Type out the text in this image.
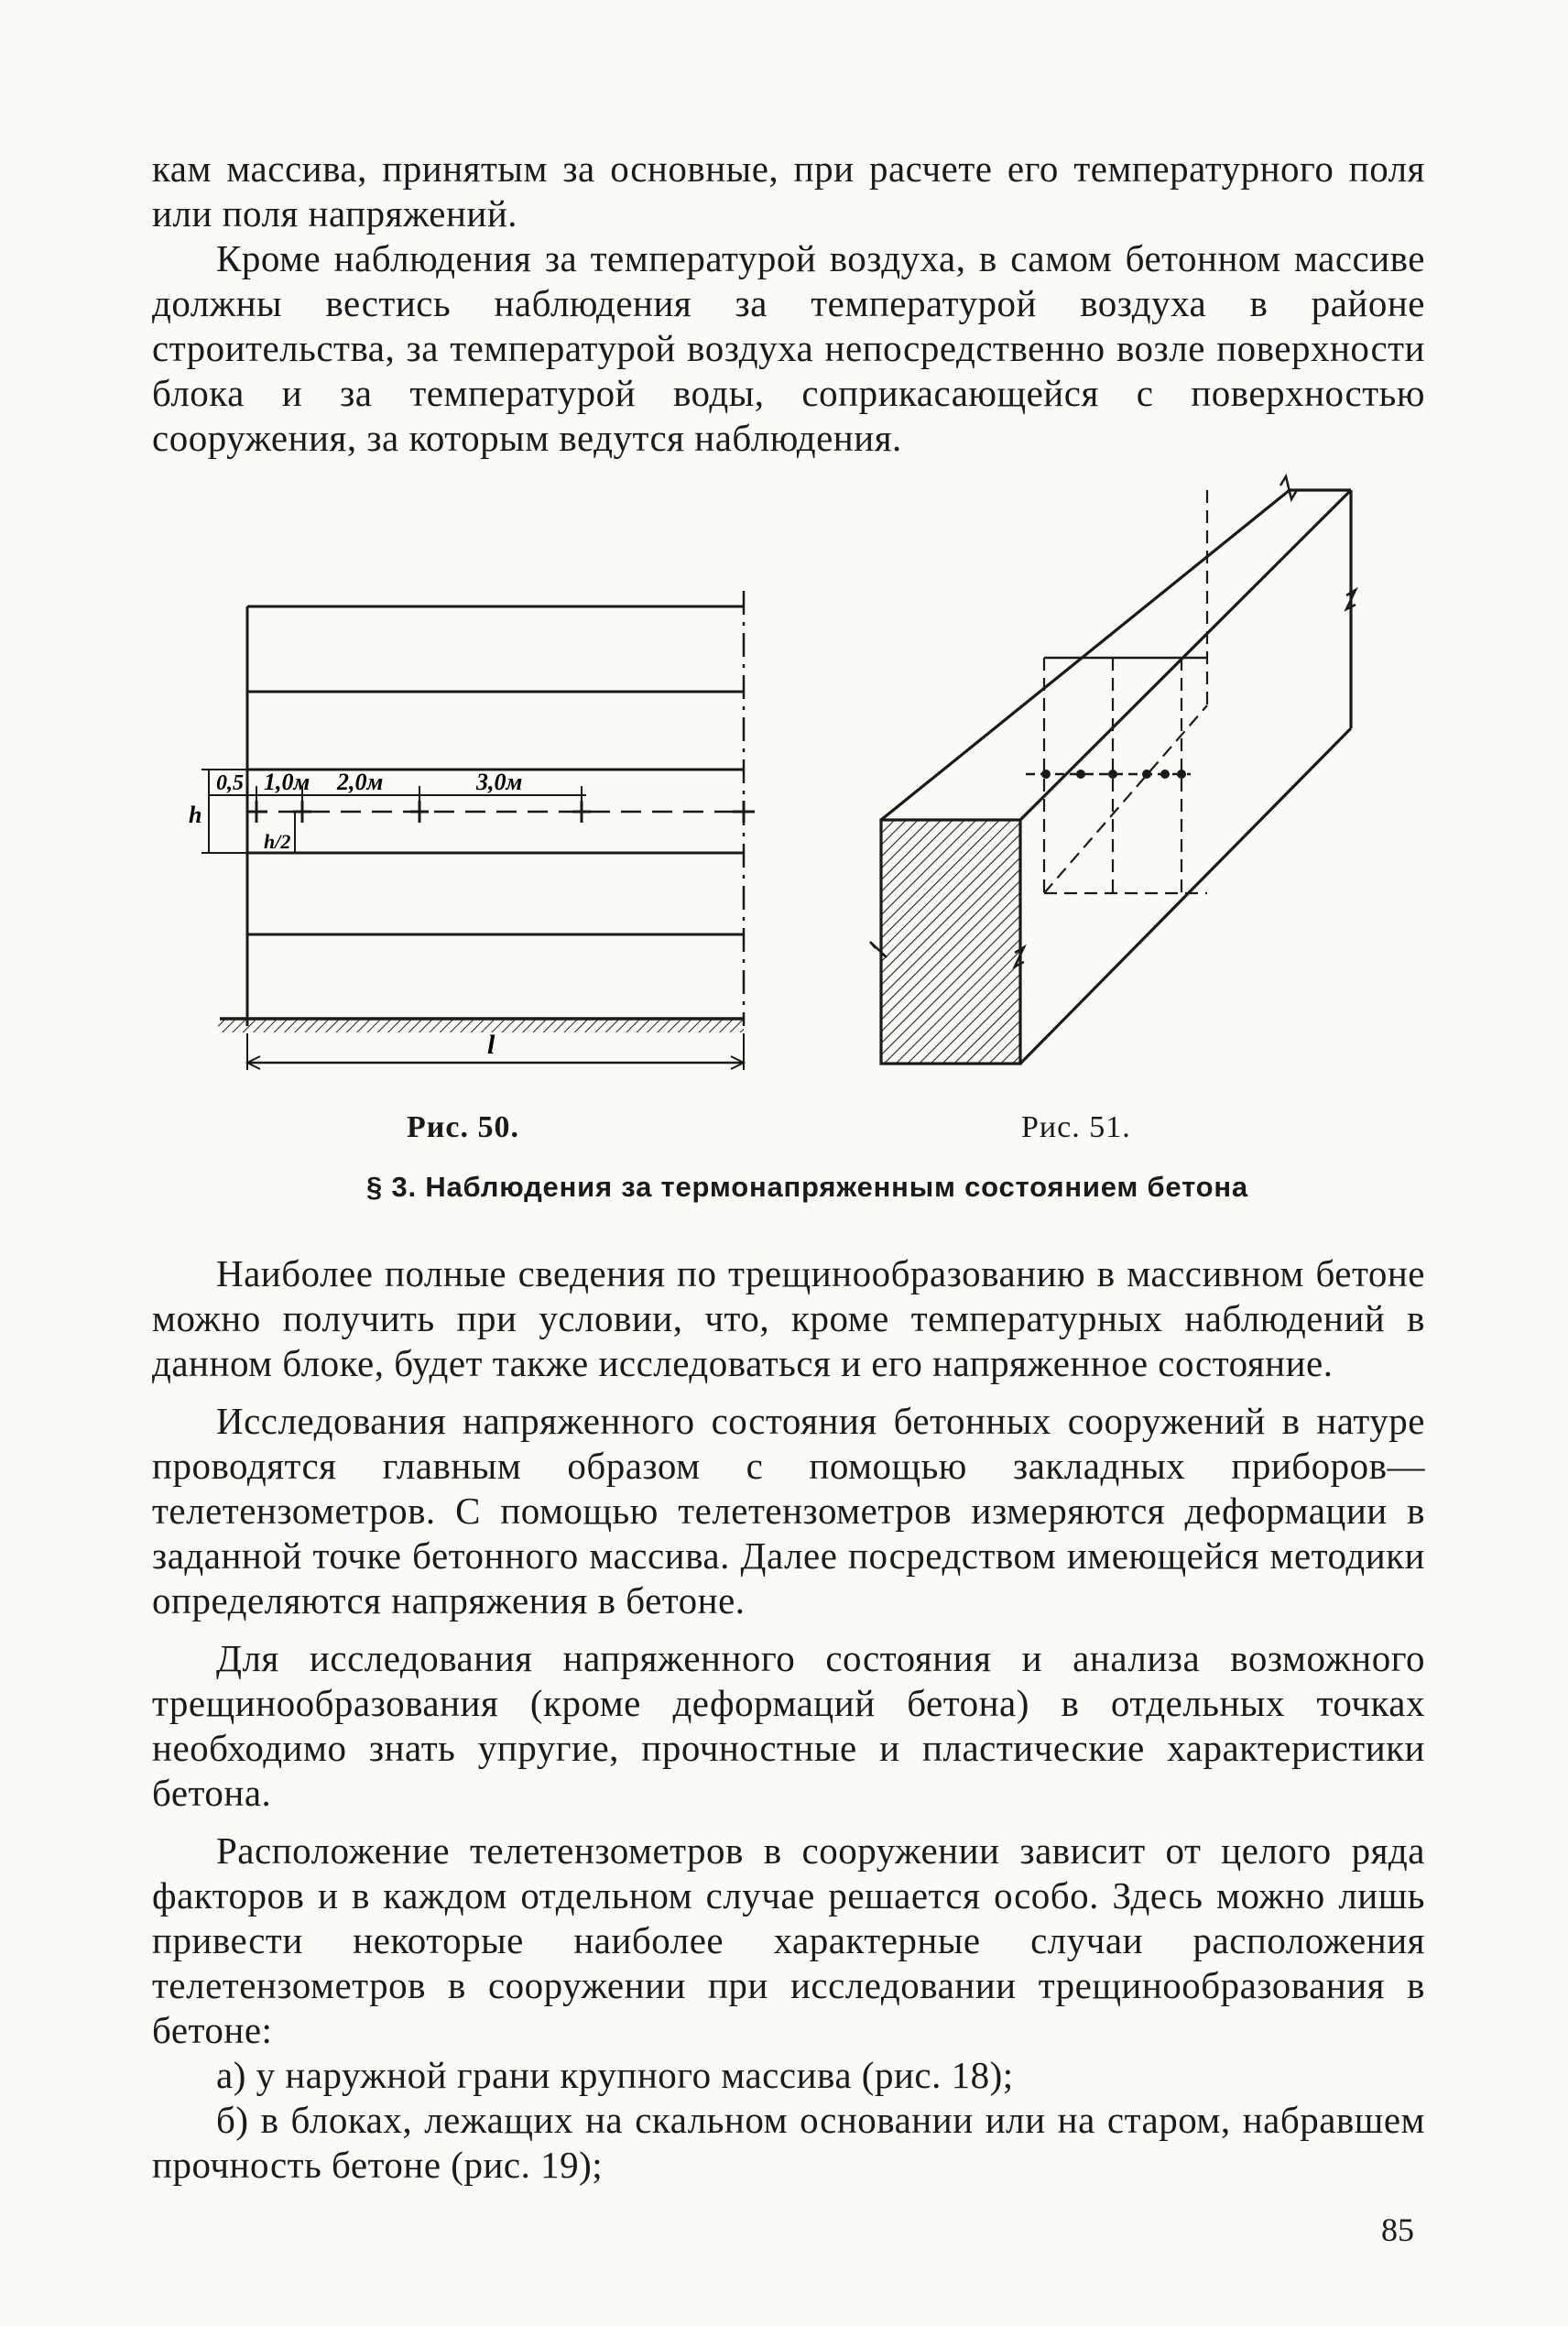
кам массива, принятым за основные, при расчете его температурного поля или поля напряжений.

Кроме наблюдения за температурой воздуха, в самом бетонном массиве должны вестись наблюдения за температурой воздуха в районе строительства, за температурой воздуха непосредственно возле поверхности блока и за температурой воды, соприкасающейся с поверхностью сооружения, за которым ведутся наблюдения.

0,5 1,0м 2,0м	3,0м
h
h/2
l
Рис. 50.	Рис. 51.
§ 3. Наблюдения за термонапряженным состоянием бетона

Наиболее полные сведения по трещинообразованию в массивном бетоне можно получить при условии, что, кроме температурных наблюдений в данном блоке, будет также исследоваться и его напряженное состояние.

Исследования напряженного состояния бетонных сооружений в натуре проводятся главным образом с помощью закладных приборов—телетензометров. С помощью телетензометров измеряются деформации в заданной точке бетонного массива. Далее посредством имеющейся методики определяются напряжения в бетоне.

Для исследования напряженного состояния и анализа возможного трещинообразования (кроме деформаций бетона) в отдельных точках необходимо знать упругие, прочностные и пластические характеристики бетона.

Расположение телетензометров в сооружении зависит от целого ряда факторов и в каждом отдельном случае решается особо. Здесь можно лишь привести некоторые наиболее характерные случаи расположения телетензометров в сооружении при исследовании трещинообразования в бетоне:

а) у наружной грани крупного массива (рис. 18);

б) в блоках, лежащих на скальном основании или на старом, набравшем прочность бетоне (рис. 19);

85
